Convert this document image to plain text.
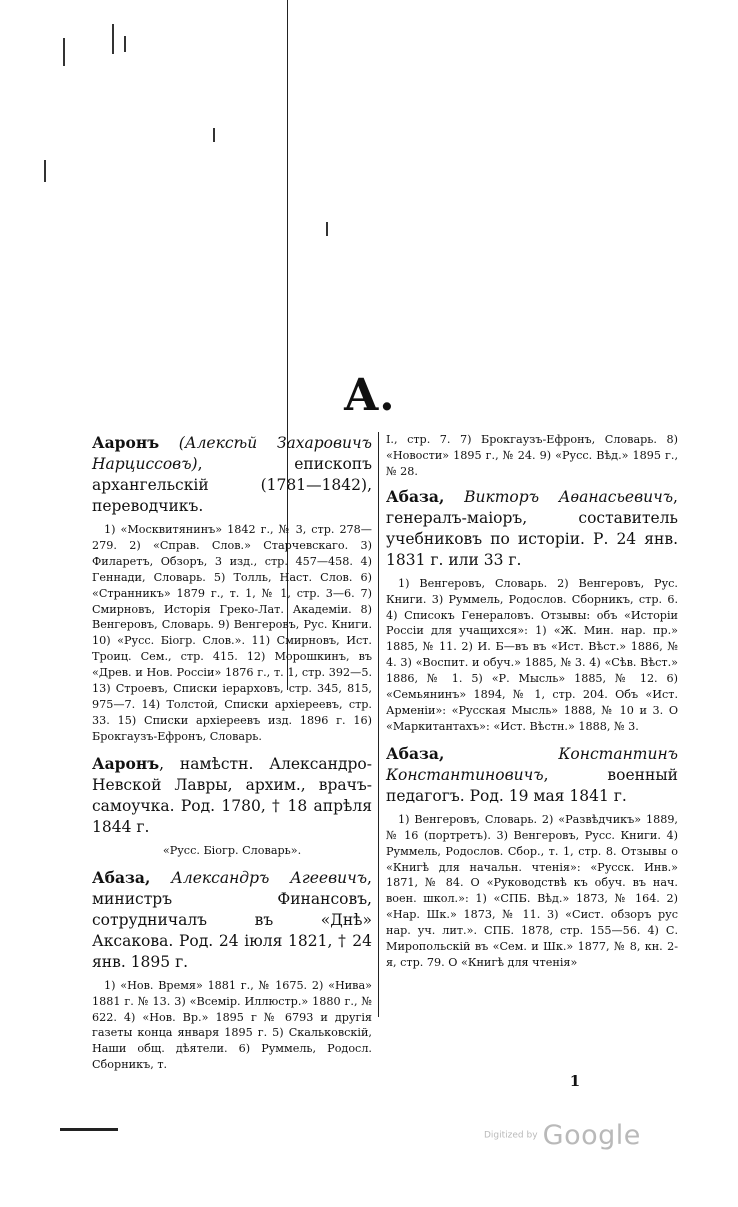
А.

Ааронъ (Алексѣй Захаровичъ Нарциссовъ), епископъ архангельскій (1781—1842), переводчикъ.

1) «Москвитянинъ» 1842 г., № 3, стр. 278—279. 2) «Справ. Слов.» Старчевскаго. 3) Филаретъ, Обзоръ, 3 изд., стр. 457—458. 4) Геннади, Словарь. 5) Толль, Наст. Слов. 6) «Странникъ» 1879 г., т. 1, № 1, стр. 3—6. 7) Смирновъ, Исторія Греко-Лат. Академіи. 8) Венгеровъ, Словарь. 9) Венгеровъ, Рус. Книги. 10) «Русс. Біогр. Слов.». 11) Смирновъ, Ист. Троиц. Сем., стр. 415. 12) Морошкинъ, въ «Древ. и Нов. Россіи» 1876 г., т. 1, стр. 392—5. 13) Строевъ, Списки іерарховъ, стр. 345, 815, 975—7. 14) Толстой, Списки архіереевъ, стр. 33. 15) Списки архіереевъ изд. 1896 г. 16) Брокгаузъ-Ефронъ, Словарь.

Ааронъ, намѣстн. Александро-Невской Лавры, архим., врачъ-самоучка. Род. 1780, † 18 апрѣля 1844 г.

«Русс. Біогр. Словарь».

Абаза, Александръ Агеевичъ, министръ Финансовъ, сотрудничалъ въ «Днѣ» Аксакова. Род. 24 іюля 1821, † 24 янв. 1895 г.

1) «Нов. Время» 1881 г., № 1675. 2) «Нива» 1881 г. № 13. 3) «Всемір. Иллюстр.» 1880 г., № 622. 4) «Нов. Вр.» 1895 г № 6793 и другія газеты конца января 1895 г. 5) Скальковскій, Наши общ. дѣятели. 6) Руммель, Родосл. Сборникъ, т.

I., стр. 7. 7) Брокгаузъ-Ефронъ, Словарь. 8) «Новости» 1895 г., № 24. 9) «Русс. Вѣд.» 1895 г., № 28.

Абаза, Викторъ Аѳанасьевичъ, генералъ-маіоръ, составитель учебниковъ по исторіи. Р. 24 янв. 1831 г. или 33 г.

1) Венгеровъ, Словарь. 2) Венгеровъ, Рус. Книги. 3) Руммель, Родослов. Сборникъ, стр. 6. 4) Списокъ Генераловъ. Отзывы: объ «Исторіи Россіи для учащихся»: 1) «Ж. Мин. нар. пр.» 1885, № 11. 2) И. Б—въ въ «Ист. Вѣст.» 1886, № 4. 3) «Воспит. и обуч.» 1885, № 3. 4) «Сѣв. Вѣст.» 1886, № 1. 5) «Р. Мысль» 1885, № 12. 6) «Семьянинъ» 1894, № 1, стр. 204. Объ «Ист. Арменіи»: «Русская Мысль» 1888, № 10 и 3. О «Маркитантахъ»: «Ист. Вѣстн.» 1888, № 3.

Абаза,	Константинъ Константиновичъ, военный педагогъ. Род. 19 мая 1841 г.

1) Венгеровъ, Словарь. 2) «Развѣдчикъ» 1889, № 16 (портретъ). 3) Венгеровъ, Русс. Книги. 4) Руммель, Родослов. Сбор., т. 1, стр. 8. Отзывы о «Книгѣ для начальн. чтенія»: «Русск. Инв.» 1871, № 84. О «Руководствѣ къ обуч. въ нач. воен. школ.»: 1) «СПБ. Вѣд.» 1873, № 164. 2) «Нар. Шк.» 1873, № 11. 3) «Сист. обзоръ рус нар. уч. лит.». СПБ. 1878, стр. 155—56. 4) С. Миропольскій въ «Сем. и Шк.» 1877, № 8, кн. 2-я, стр. 79. О «Книгѣ для чтенія»

1
Digitized by Google
